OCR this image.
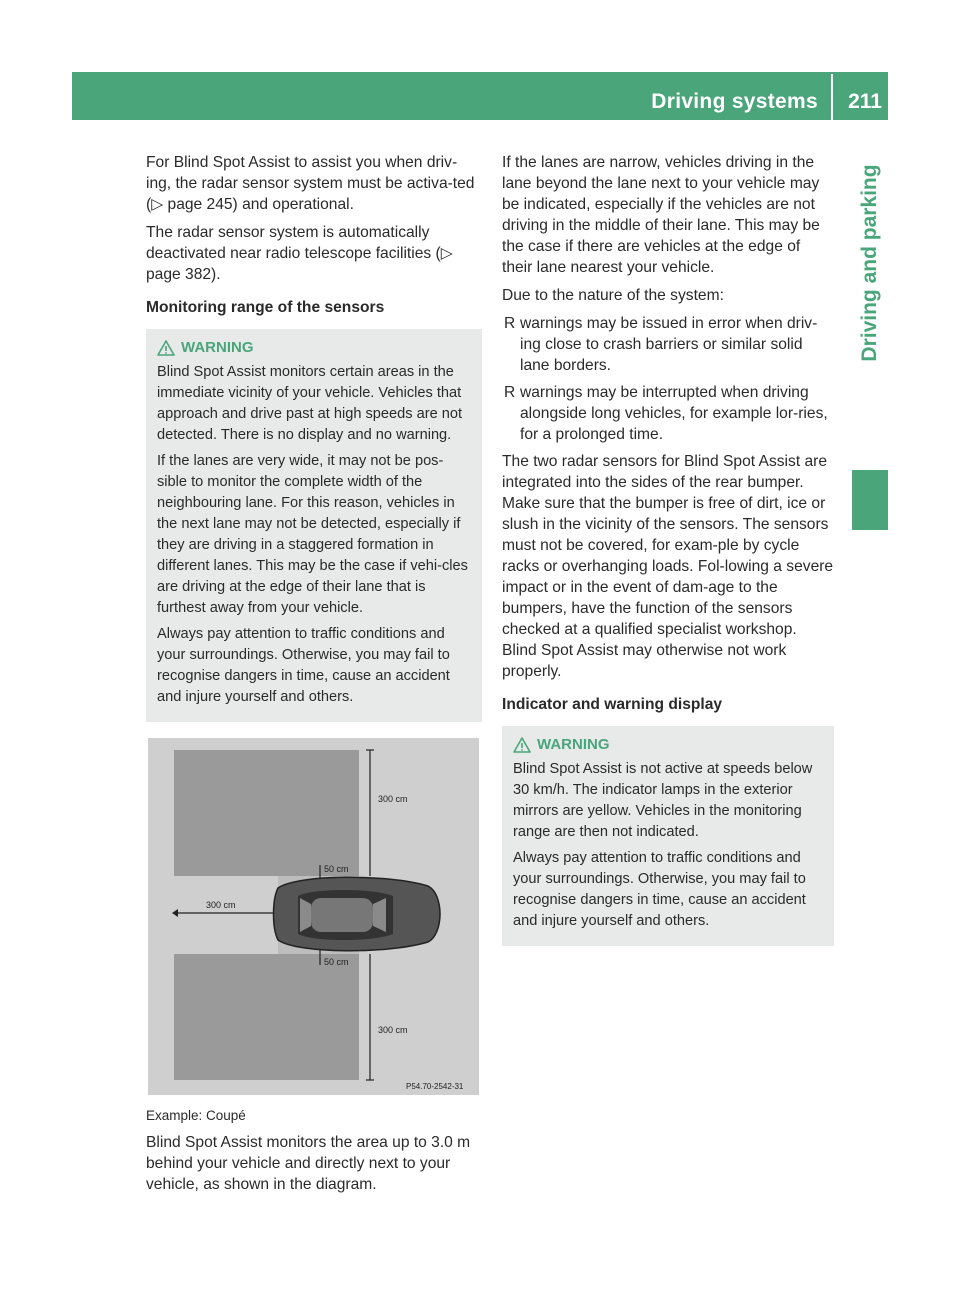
Driving systems 211
Driving and parking

For Blind Spot Assist to assist you when driv-ing, the radar sensor system must be activa-ted (▷ page 245) and operational.

The radar sensor system is automatically deactivated near radio telescope facilities (▷ page 382).

Monitoring range of the sensors

WARNING

Blind Spot Assist monitors certain areas in the immediate vicinity of your vehicle. Vehicles that approach and drive past at high speeds are not detected. There is no display and no warning.

If the lanes are very wide, it may not be pos-sible to monitor the complete width of the neighbouring lane. For this reason, vehicles in the next lane may not be detected, especially if they are driving in a staggered formation in different lanes. This may be the case if vehi-cles are driving at the edge of their lane that is furthest away from your vehicle.

Always pay attention to traffic conditions and your surroundings. Otherwise, you may fail to recognise dangers in time, cause an accident and injure yourself and others.

300 cm
50 cm
300 cm
50 cm
300 cm
P54.70-2542-31

Example: Coupé

Blind Spot Assist monitors the area up to 3.0 m behind your vehicle and directly next to your vehicle, as shown in the diagram.

If the lanes are narrow, vehicles driving in the lane beyond the lane next to your vehicle may be indicated, especially if the vehicles are not driving in the middle of their lane. This may be the case if there are vehicles at the edge of their lane nearest your vehicle.

Due to the nature of the system:

R warnings may be issued in error when driv-ing close to crash barriers or similar solid lane borders.
R warnings may be interrupted when driving alongside long vehicles, for example lor-ries, for a prolonged time.

The two radar sensors for Blind Spot Assist are integrated into the sides of the rear bumper. Make sure that the bumper is free of dirt, ice or slush in the vicinity of the sensors. The sensors must not be covered, for exam-ple by cycle racks or overhanging loads. Fol-lowing a severe impact or in the event of dam-age to the bumpers, have the function of the sensors checked at a qualified specialist workshop. Blind Spot Assist may otherwise not work properly.

Indicator and warning display

WARNING

Blind Spot Assist is not active at speeds below 30 km/h. The indicator lamps in the exterior mirrors are yellow. Vehicles in the monitoring range are then not indicated.

Always pay attention to traffic conditions and your surroundings. Otherwise, you may fail to recognise dangers in time, cause an accident and injure yourself and others.
